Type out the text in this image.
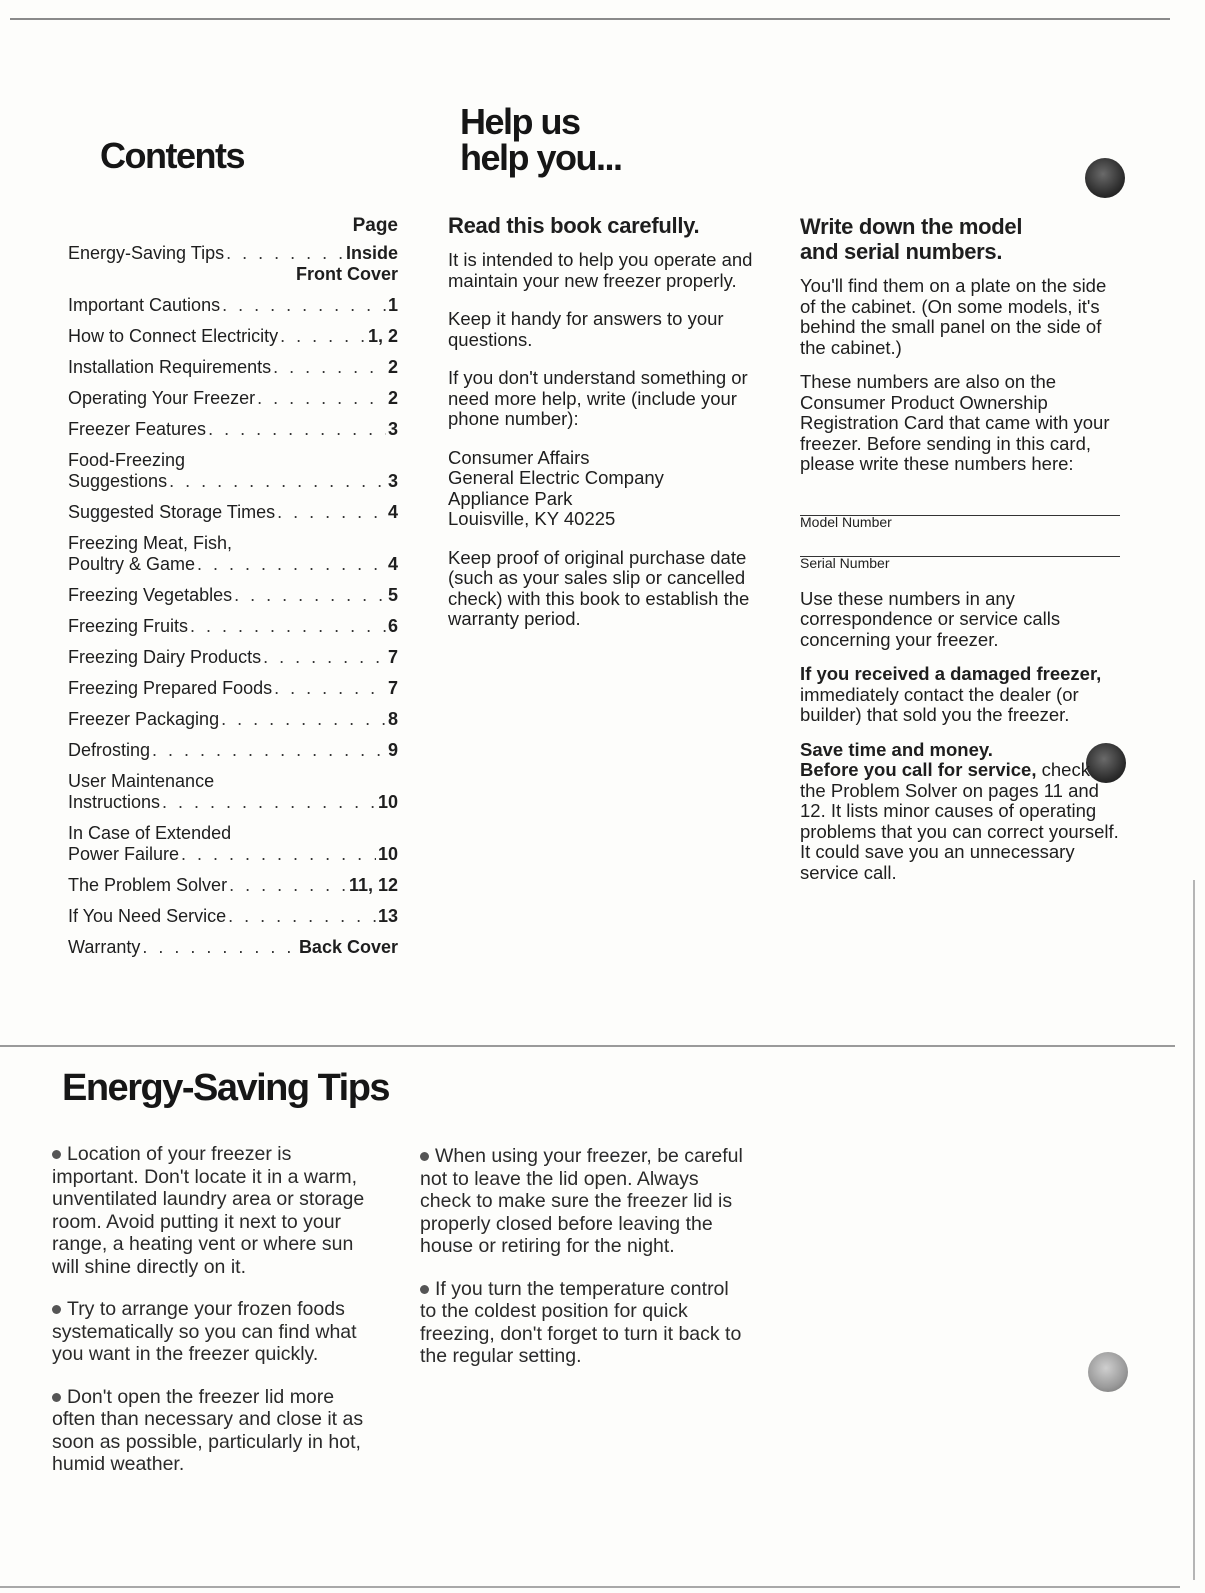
Contents
Page
Energy-Saving Tips . . .	Inside
Front Cover
Important Cautions . . .	1
How to Connect Electricity . . .	1, 2
Installation Requirements . . .	2
Operating Your Freezer . . .	2
Freezer Features . . .	3
Food-Freezing
Suggestions . . .	3
Suggested Storage Times . . .	4
Freezing Meat, Fish,
Poultry & Game . . .	4
Freezing Vegetables . . .	5
Freezing Fruits . . .	6
Freezing Dairy Products . . .	7
Freezing Prepared Foods . . .	7
Freezer Packaging . . .	8
Defrosting . . .	9
User Maintenance
Instructions . . .	10
In Case of Extended
Power Failure . . .	10
The Problem Solver . . .	11, 12
If You Need Service . . .	13
Warranty . . .	Back Cover
Help us
help you...
Read this book carefully.

It is intended to help you operate and maintain your new freezer properly.

Keep it handy for answers to your questions.

If you don't understand something or need more help, write (include your phone number):

Consumer Affairs
General Electric Company
Appliance Park
Louisville, KY 40225

Keep proof of original purchase date (such as your sales slip or cancelled check) with this book to establish the warranty period.

Write down the model
and serial numbers.

You'll find them on a plate on the side of the cabinet. (On some models, it's behind the small panel on the side of the cabinet.)

These numbers are also on the Consumer Product Ownership Registration Card that came with your freezer. Before sending in this card, please write these numbers here:

Model Number
Serial Number

Use these numbers in any correspondence or service calls concerning your freezer.

If you received a damaged freezer, immediately contact the dealer (or builder) that sold you the freezer.

Save time and money.
Before you call for service, check the Problem Solver on pages 11 and 12. It lists minor causes of operating problems that you can correct yourself. It could save you an unnecessary service call.

Energy-Saving Tips

Location of your freezer is important. Don't locate it in a warm, unventilated laundry area or storage room. Avoid putting it next to your range, a heating vent or where sun will shine directly on it.

Try to arrange your frozen foods systematically so you can find what you want in the freezer quickly.

Don't open the freezer lid more often than necessary and close it as soon as possible, particularly in hot, humid weather.

When using your freezer, be careful not to leave the lid open. Always check to make sure the freezer lid is properly closed before leaving the house or retiring for the night.

If you turn the temperature control to the coldest position for quick freezing, don't forget to turn it back to the regular setting.
